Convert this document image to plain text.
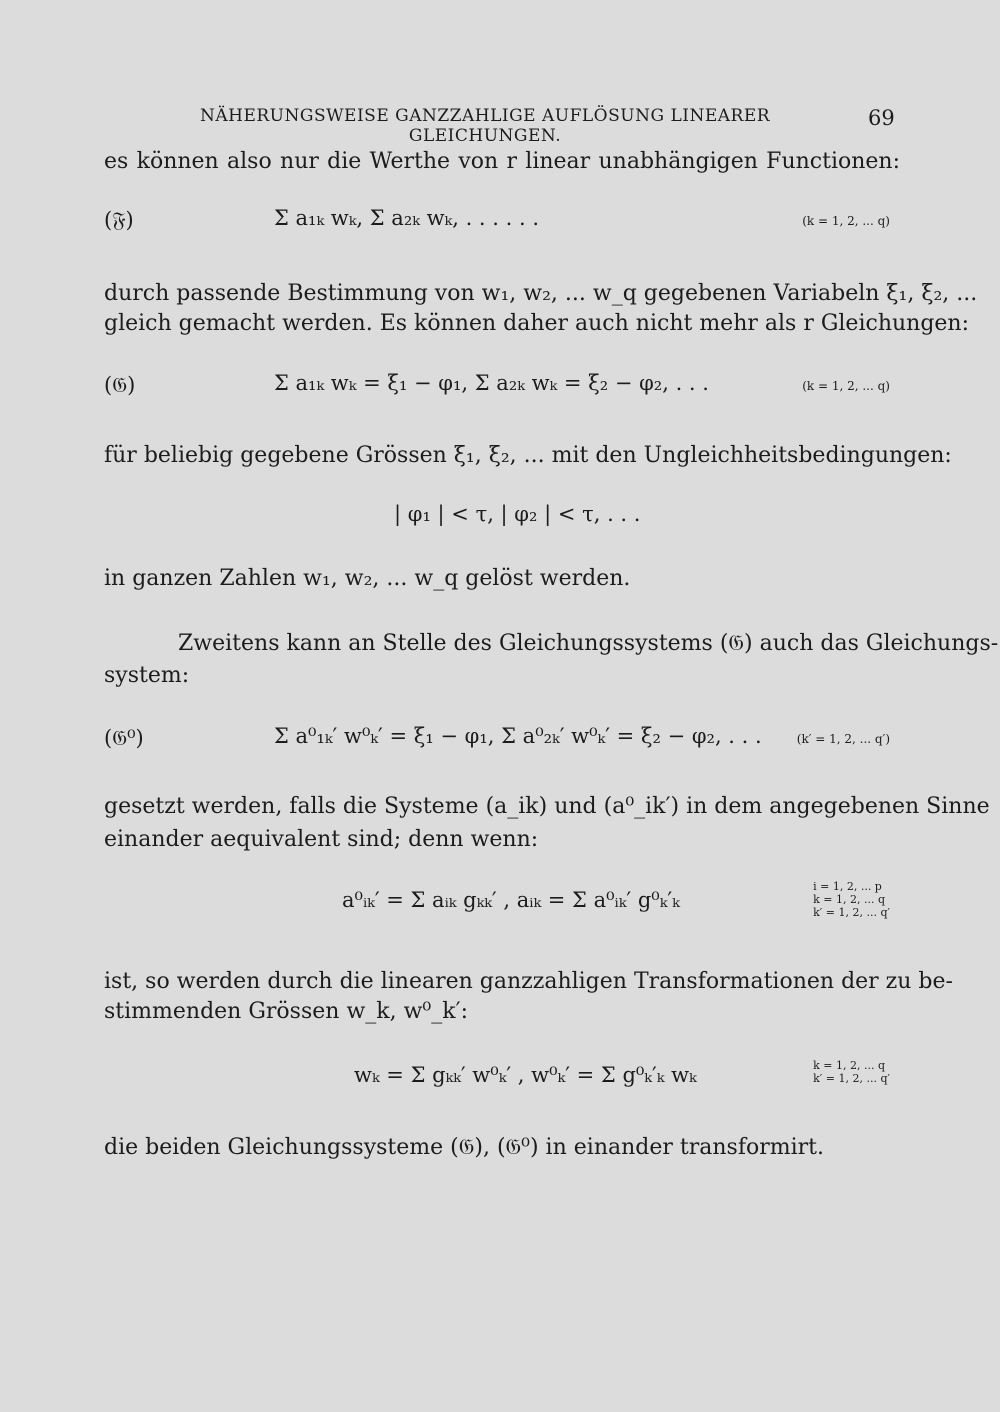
NÄHERUNGSWEISE GANZZAHLIGE AUFLÖSUNG LINEARER GLEICHUNGEN.
69
es können also nur die Werthe von r linear unabhängigen Functionen:
(𝔉)	Σ a₁ₖ wₖ, Σ a₂ₖ wₖ, . . . . . .	(k = 1, 2, ... q)
durch passende Bestimmung von w₁, w₂, ... w_q gegebenen Variabeln ξ₁, ξ₂, ...
gleich gemacht werden. Es können daher auch nicht mehr als r Gleichungen:
(𝔊)	Σ a₁ₖ wₖ = ξ₁ − φ₁, Σ a₂ₖ wₖ = ξ₂ − φ₂, . . .	(k = 1, 2, ... q)
für beliebig gegebene Grössen ξ₁, ξ₂, ... mit den Ungleichheitsbedingungen:
| φ₁ | < τ, | φ₂ | < τ, . . .
in ganzen Zahlen w₁, w₂, ... w_q gelöst werden.
Zweitens kann an Stelle des Gleichungssystems (𝔊) auch das Gleichungs-
system:
(𝔊⁰)	Σ a⁰₁ₖ′ w⁰ₖ′ = ξ₁ − φ₁, Σ a⁰₂ₖ′ w⁰ₖ′ = ξ₂ − φ₂, . . .	(k′ = 1, 2, ... q′)
gesetzt werden, falls die Systeme (a_ik) und (a⁰_ik′) in dem angegebenen Sinne
einander aequivalent sind; denn wenn:
a⁰ᵢₖ′ = Σ aᵢₖ gₖₖ′ , aᵢₖ = Σ a⁰ᵢₖ′ g⁰ₖ′ₖ
i = 1, 2, ... p
k = 1, 2, ... q
k′ = 1, 2, ... q′
ist, so werden durch die linearen ganzzahligen Transformationen der zu be-
stimmenden Grössen w_k, w⁰_k′:
wₖ = Σ gₖₖ′ w⁰ₖ′ , w⁰ₖ′ = Σ g⁰ₖ′ₖ wₖ	k = 1, 2, ... q
k′ = 1, 2, ... q′
die beiden Gleichungssysteme (𝔊), (𝔊⁰) in einander transformirt.
